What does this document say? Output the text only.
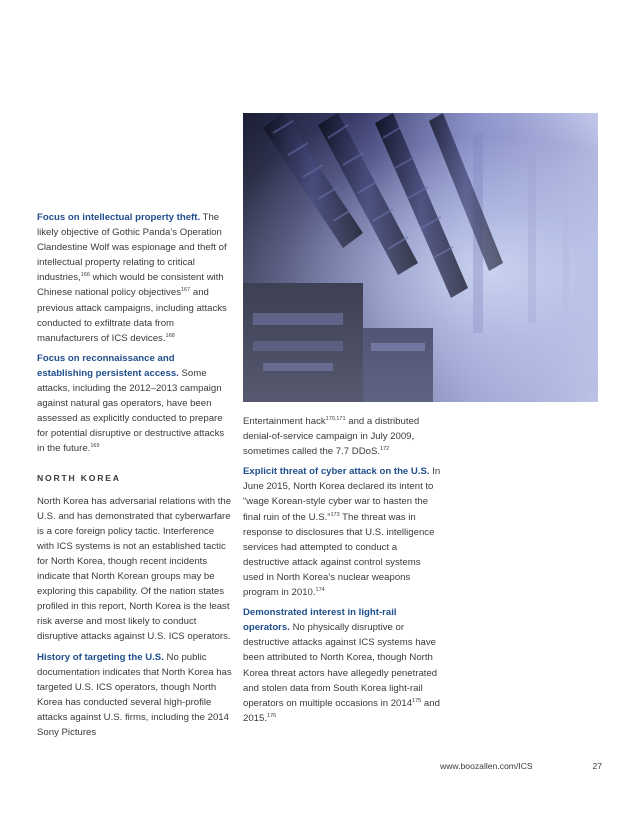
Focus on intellectual property theft. The likely objective of Gothic Panda’s Operation Clandestine Wolf was espionage and theft of intellectual property relating to critical industries,$^{166}$ which would be consistent with Chinese national policy objectives$^{167}$ and previous attack campaigns, including attacks conducted to exfiltrate data from manufacturers of ICS devices.$^{168}$

Focus on reconnaissance and establishing persistent access. Some attacks, including the 2012–2013 campaign against natural gas operators, have been assessed as explicitly conducted to prepare for potential disruptive or destructive attacks in the future.$^{169}$

NORTH KOREA

North Korea has adversarial relations with the U.S. and has demonstrated that cyberwarfare is a core foreign policy tactic. Interference with ICS systems is not an established tactic for North Korea, though recent incidents indicate that North Korean groups may be exploring this capability. Of the nation states profiled in this report, North Korea is the least risk averse and most likely to conduct disruptive attacks against U.S. ICS operators.

History of targeting the U.S. No public documentation indicates that North Korea has targeted U.S. ICS operators, though North Korea has conducted several high-profile attacks against U.S. firms, including the 2014 Sony Pictures

Entertainment hack$^{170,171}$ and a distributed denial-of-service campaign in July 2009, sometimes called the 7.7 DDoS.$^{172}$

Explicit threat of cyber attack on the U.S. In June 2015, North Korea declared its intent to “wage Korean-style cyber war to hasten the final ruin of the U.S.”$^{173}$ The threat was in response to disclosures that U.S. intelligence services had attempted to conduct a destructive attack against control systems used in North Korea’s nuclear weapons program in 2010.$^{174}$

Demonstrated interest in light-rail operators. No physically disruptive or destructive attacks against ICS systems have been attributed to North Korea, though North Korea threat actors have allegedly penetrated and stolen data from South Korea light-rail operators on multiple occasions in 2014$^{175}$ and 2015.$^{176}$

www.boozallen.com/ICS	27
